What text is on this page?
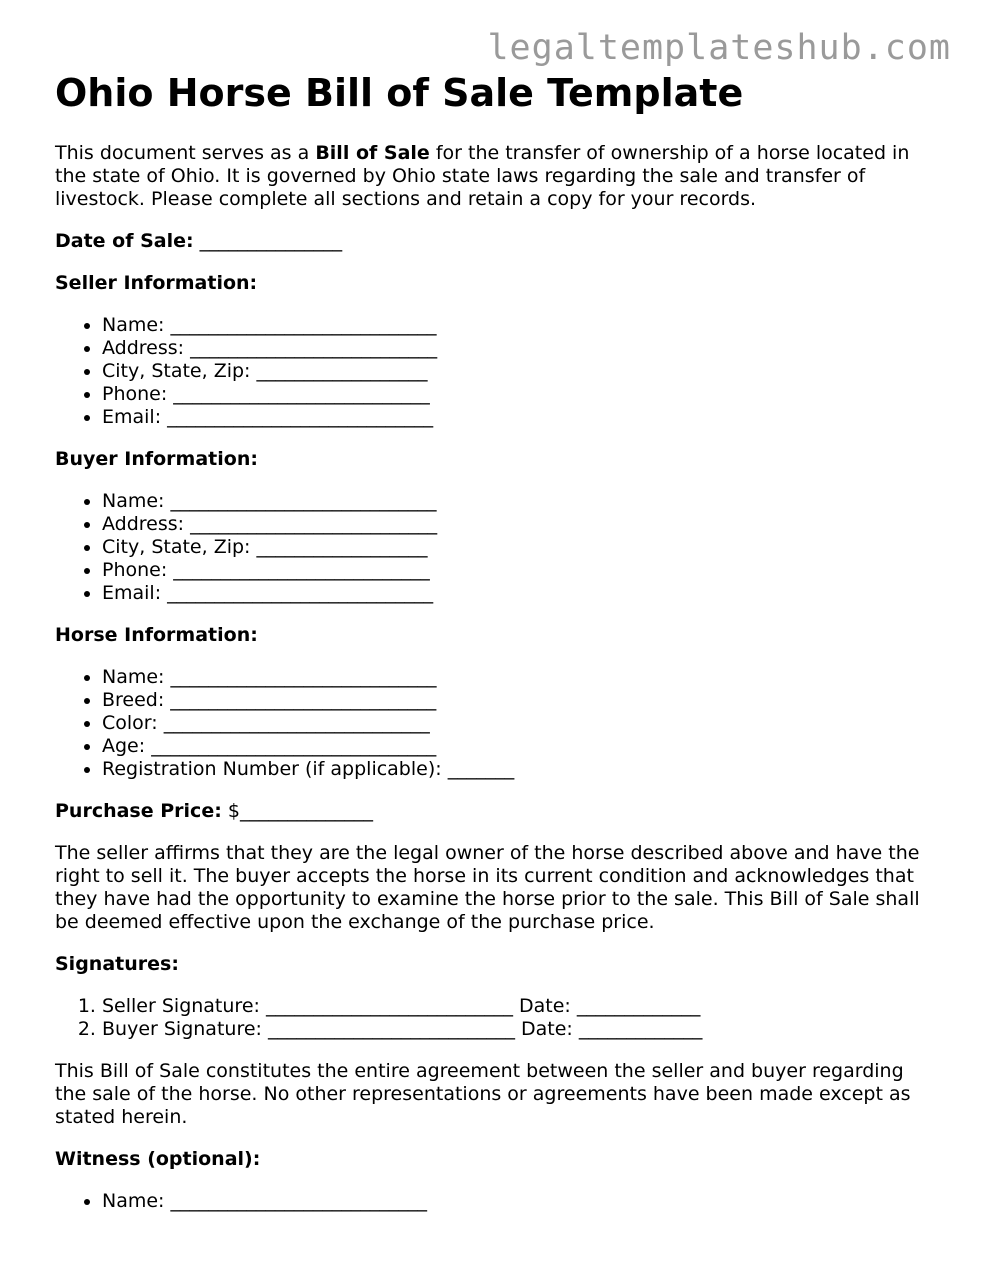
legaltemplateshub.com
Ohio Horse Bill of Sale Template

This document serves as a Bill of Sale for the transfer of ownership of a horse located in the state of Ohio. It is governed by Ohio state laws regarding the sale and transfer of livestock. Please complete all sections and retain a copy for your records.

Date of Sale: _______________

Seller Information:
• Name: ____________________________
• Address: __________________________
• City, State, Zip: __________________
• Phone: ___________________________
• Email: ____________________________
Buyer Information:
• Name: ____________________________
• Address: __________________________
• City, State, Zip: __________________
• Phone: ___________________________
• Email: ____________________________
Horse Information:
• Name: ____________________________
• Breed: ____________________________
• Color: ____________________________
• Age: ______________________________
• Registration Number (if applicable): _______

Purchase Price: $______________

The seller affirms that they are the legal owner of the horse described above and have the right to sell it. The buyer accepts the horse in its current condition and acknowledges that they have had the opportunity to examine the horse prior to the sale. This Bill of Sale shall be deemed effective upon the exchange of the purchase price.

Signatures:
1. Seller Signature: __________________________ Date: _____________
2. Buyer Signature: __________________________ Date: _____________

This Bill of Sale constitutes the entire agreement between the seller and buyer regarding the sale of the horse. No other representations or agreements have been made except as stated herein.

Witness (optional):
• Name: ___________________________
